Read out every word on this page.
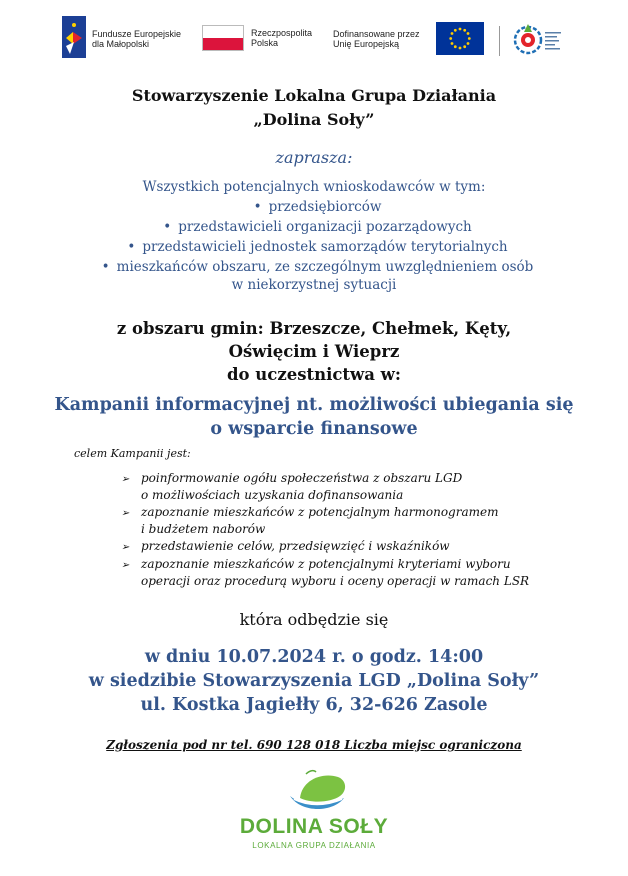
Fundusze Europejskie
dla Małopolski
Rzeczpospolita
Polska
Dofinansowane przez
Unię Europejską
Stowarzyszenie Lokalna Grupa Działania
„Dolina Soły”
zaprasza:
Wszystkich potencjalnych wnioskodawców w tym:
• przedsiębiorców
• przedstawicieli organizacji pozarządowych
• przedstawicieli jednostek samorządów terytorialnych
• mieszkańców obszaru, ze szczególnym uwzględnieniem osób
w niekorzystnej sytuacji
z obszaru gmin: Brzeszcze, Chełmek, Kęty,
Oświęcim i Wieprz
do uczestnictwa w:
Kampanii informacyjnej nt. możliwości ubiegania się
o wsparcie finansowe
celem Kampanii jest:
➢ poinformowanie ogółu społeczeństwa z obszaru LGD
o możliwościach uzyskania dofinansowania
➢ zapoznanie mieszkańców z potencjalnym harmonogramem
i budżetem naborów
➢ przedstawienie celów, przedsięwzięć i wskaźników
➢ zapoznanie mieszkańców z potencjalnymi kryteriami wyboru
operacji oraz procedurą wyboru i oceny operacji w ramach LSR
która odbędzie się
w dniu 10.07.2024 r. o godz. 14:00
w siedzibie Stowarzyszenia LGD „Dolina Soły”
ul. Kostka Jagiełły 6, 32-626 Zasole
Zgłoszenia pod nr tel. 690 128 018 Liczba miejsc ograniczona
DOLINA SOŁY
LOKALNA GRUPA DZIAŁANIA
